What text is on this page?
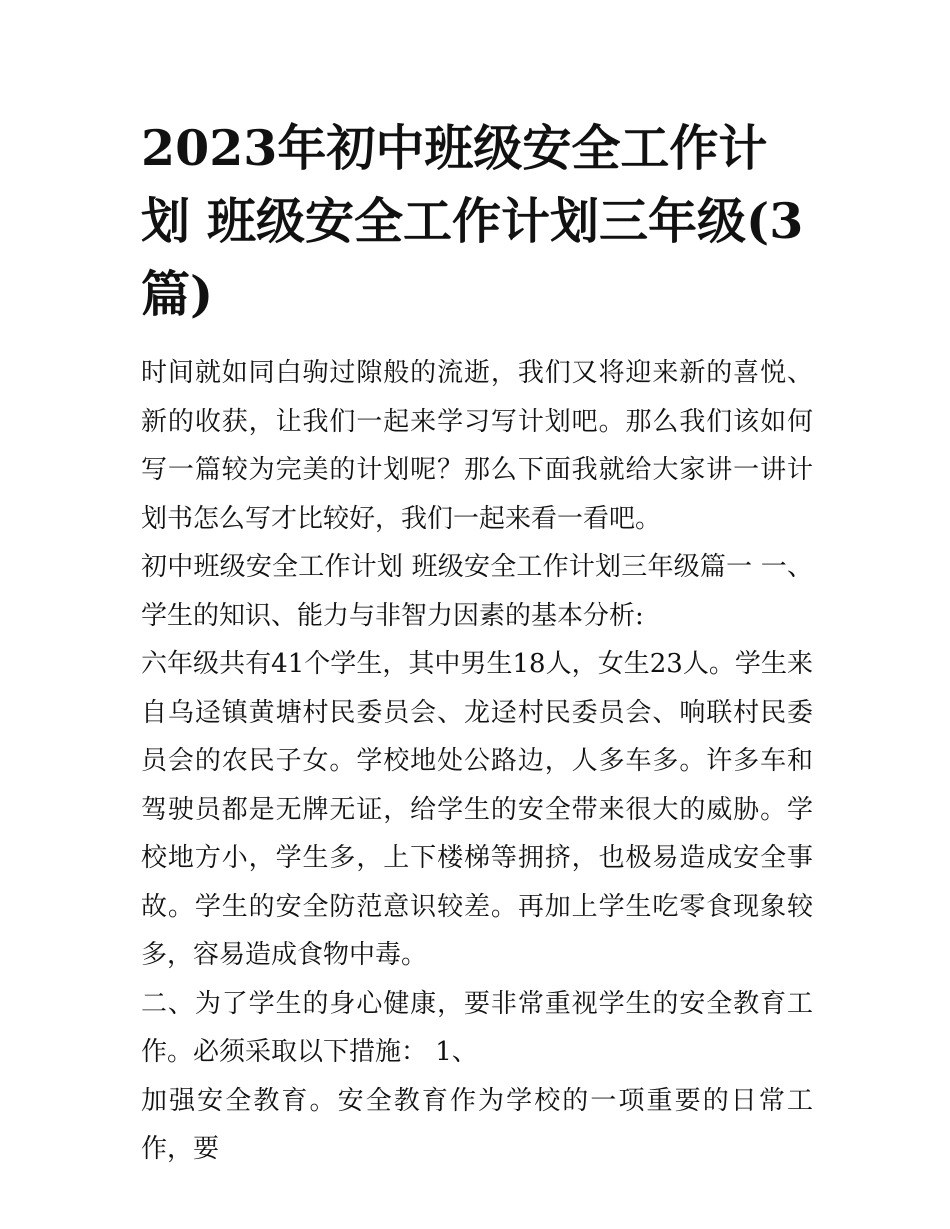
2023年初中班级安全工作计划 班级安全工作计划三年级(3篇)

时间就如同白驹过隙般的流逝，我们又将迎来新的喜悦、新的收获，让我们一起来学习写计划吧。那么我们该如何写一篇较为完美的计划呢？那么下面我就给大家讲一讲计划书怎么写才比较好，我们一起来看一看吧。

初中班级安全工作计划 班级安全工作计划三年级篇一 一、学生的知识、能力与非智力因素的基本分析:

六年级共有41个学生，其中男生18人，女生23人。学生来自乌迳镇黄塘村民委员会、龙迳村民委员会、响联村民委员会的农民子女。学校地处公路边，人多车多。许多车和驾驶员都是无牌无证，给学生的安全带来很大的威胁。学校地方小，学生多，上下楼梯等拥挤，也极易造成安全事故。学生的安全防范意识较差。再加上学生吃零食现象较多，容易造成食物中毒。

二、为了学生的身心健康，要非常重视学生的安全教育工作。必须采取以下措施： 1、

加强安全教育。安全教育作为学校的一项重要的日常工作，要
